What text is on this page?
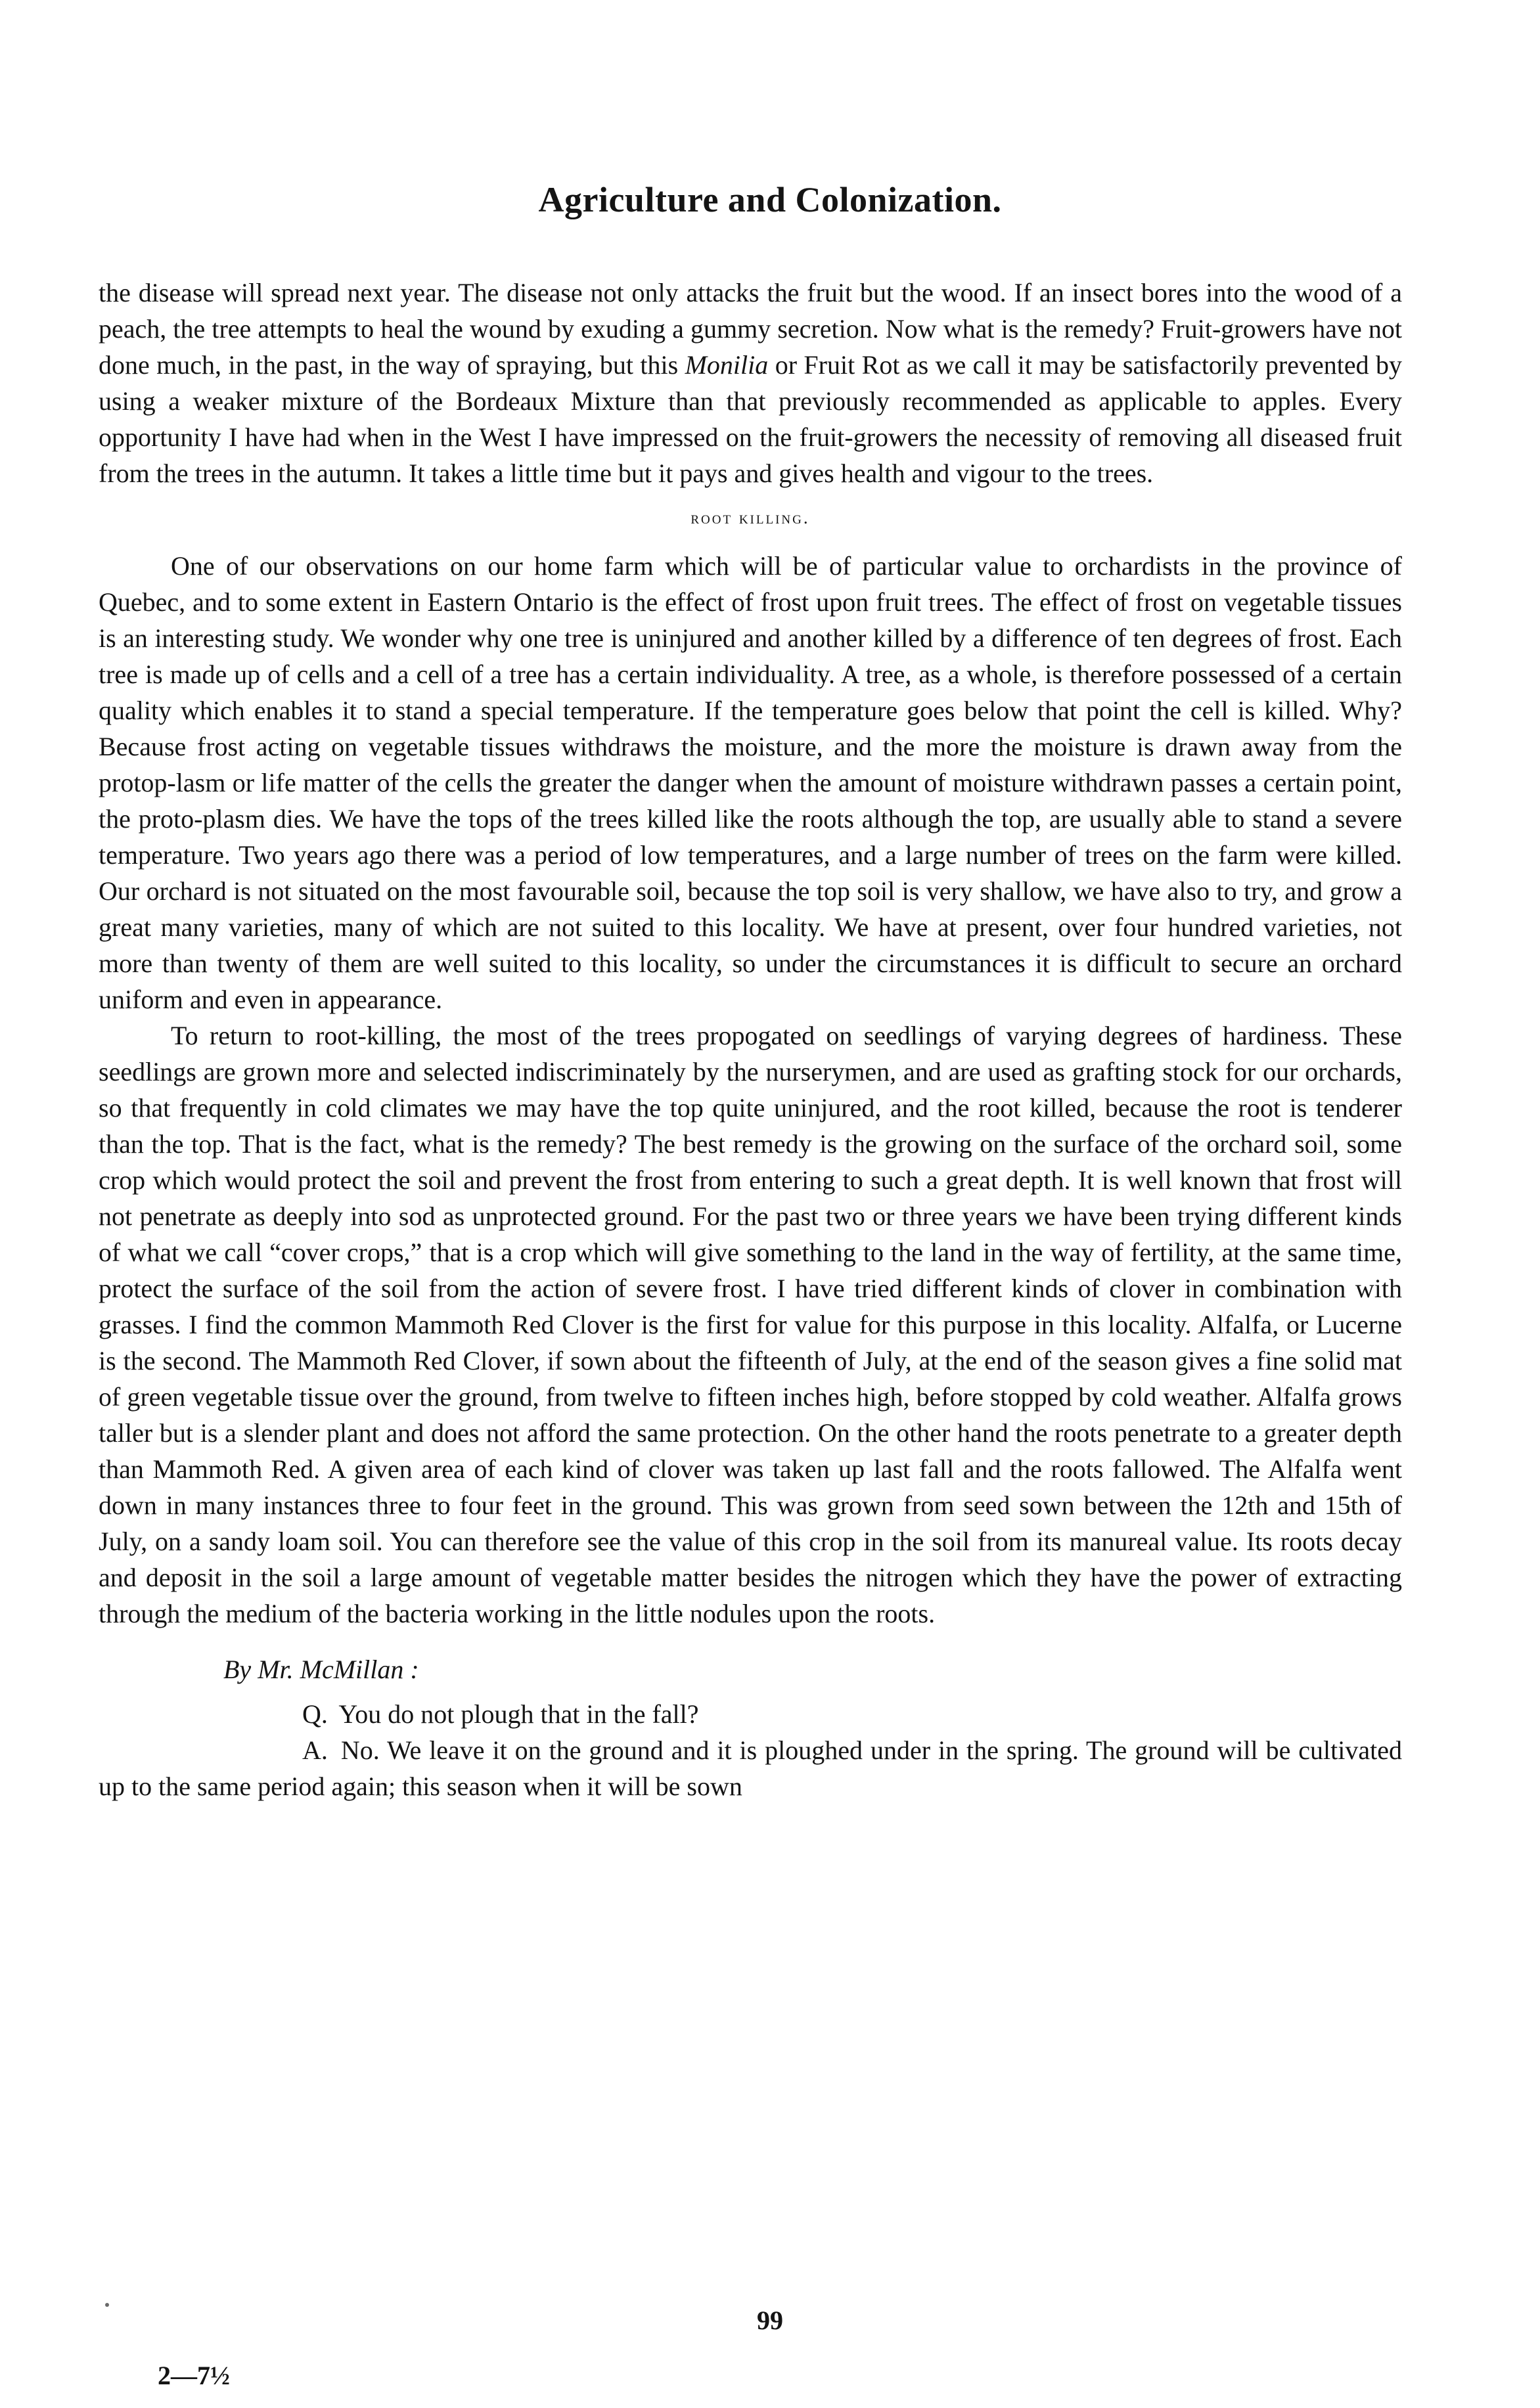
Agriculture and Colonization.

the disease will spread next year. The disease not only attacks the fruit but the wood. If an insect bores into the wood of a peach, the tree attempts to heal the wound by exuding a gummy secretion. Now what is the remedy? Fruit-growers have not done much, in the past, in the way of spraying, but this Monilia or Fruit Rot as we call it may be satisfactorily prevented by using a weaker mixture of the Bordeaux Mixture than that previously recommended as applicable to apples. Every opportunity I have had when in the West I have impressed on the fruit-growers the necessity of removing all diseased fruit from the trees in the autumn. It takes a little time but it pays and gives health and vigour to the trees.

root killing.

One of our observations on our home farm which will be of particular value to orchardists in the province of Quebec, and to some extent in Eastern Ontario is the effect of frost upon fruit trees. The effect of frost on vegetable tissues is an interesting study. We wonder why one tree is uninjured and another killed by a difference of ten degrees of frost. Each tree is made up of cells and a cell of a tree has a certain individuality. A tree, as a whole, is therefore possessed of a certain quality which enables it to stand a special temperature. If the temperature goes below that point the cell is killed. Why? Because frost acting on vegetable tissues withdraws the moisture, and the more the moisture is drawn away from the protop-lasm or life matter of the cells the greater the danger when the amount of moisture withdrawn passes a certain point, the proto-plasm dies. We have the tops of the trees killed like the roots although the top, are usually able to stand a severe temperature. Two years ago there was a period of low temperatures, and a large number of trees on the farm were killed. Our orchard is not situated on the most favourable soil, because the top soil is very shallow, we have also to try, and grow a great many varieties, many of which are not suited to this locality. We have at present, over four hundred varieties, not more than twenty of them are well suited to this locality, so under the circumstances it is difficult to secure an orchard uniform and even in appearance.

To return to root-killing, the most of the trees propogated on seedlings of varying degrees of hardiness. These seedlings are grown more and selected indiscriminately by the nurserymen, and are used as grafting stock for our orchards, so that frequently in cold climates we may have the top quite uninjured, and the root killed, because the root is tenderer than the top. That is the fact, what is the remedy? The best remedy is the growing on the surface of the orchard soil, some crop which would protect the soil and prevent the frost from entering to such a great depth. It is well known that frost will not penetrate as deeply into sod as unprotected ground. For the past two or three years we have been trying different kinds of what we call “cover crops,” that is a crop which will give something to the land in the way of fertility, at the same time, protect the surface of the soil from the action of severe frost. I have tried different kinds of clover in combination with grasses. I find the common Mammoth Red Clover is the first for value for this purpose in this locality. Alfalfa, or Lucerne is the second. The Mammoth Red Clover, if sown about the fifteenth of July, at the end of the season gives a fine solid mat of green vegetable tissue over the ground, from twelve to fifteen inches high, before stopped by cold weather. Alfalfa grows taller but is a slender plant and does not afford the same protection. On the other hand the roots penetrate to a greater depth than Mammoth Red. A given area of each kind of clover was taken up last fall and the roots fallowed. The Alfalfa went down in many instances three to four feet in the ground. This was grown from seed sown between the 12th and 15th of July, on a sandy loam soil. You can therefore see the value of this crop in the soil from its manureal value. Its roots decay and deposit in the soil a large amount of vegetable matter besides the nitrogen which they have the power of extracting through the medium of the bacteria working in the little nodules upon the roots.

By Mr. McMillan :

Q. You do not plough that in the fall?

A. No. We leave it on the ground and it is ploughed under in the spring. The ground will be cultivated up to the same period again; this season when it will be sown

99
2—7½
